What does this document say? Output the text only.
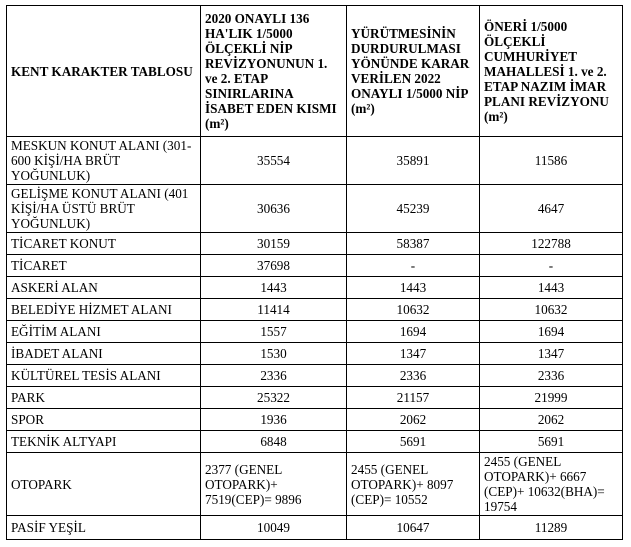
KENT KARAKTER TABLOSU	2020 ONAYLI 136 HA'LIK 1/5000 ÖLÇEKLİ NİP REVİZYONUNUN 1. ve 2. ETAP SINIRLARINA İSABET EDEN KISMI (m²)	YÜRÜTMESİNİN DURDURULMASI YÖNÜNDE KARAR VERİLEN 2022 ONAYLI 1/5000 NİP (m²)	ÖNERİ 1/5000 ÖLÇEKLİ CUMHURİYET MAHALLESİ 1. ve 2. ETAP NAZIM İMAR PLANI REVİZYONU (m²)
MESKUN KONUT ALANI (301-600 KİŞİ/HA BRÜT YOĞUNLUK)	35554	35891	11586
GELİŞME KONUT ALANI (401 KİŞİ/HA ÜSTÜ BRÜT YOĞUNLUK)	30636	45239	4647
TİCARET KONUT	30159	58387	122788
TİCARET	37698	-	-
ASKERİ ALAN	1443	1443	1443
BELEDİYE HİZMET ALANI	11414	10632	10632
EĞİTİM ALANI	1557	1694	1694
İBADET ALANI	1530	1347	1347
KÜLTÜREL TESİS ALANI	2336	2336	2336
PARK	25322	21157	21999
SPOR	1936	2062	2062
TEKNİK ALTYAPI	6848	5691	5691
OTOPARK	2377 (GENEL OTOPARK)+ 7519(CEP)= 9896	2455 (GENEL OTOPARK)+ 8097 (CEP)= 10552	2455 (GENEL OTOPARK)+ 6667 (CEP)+ 10632(BHA)= 19754
PASİF YEŞİL	10049	10647	11289
